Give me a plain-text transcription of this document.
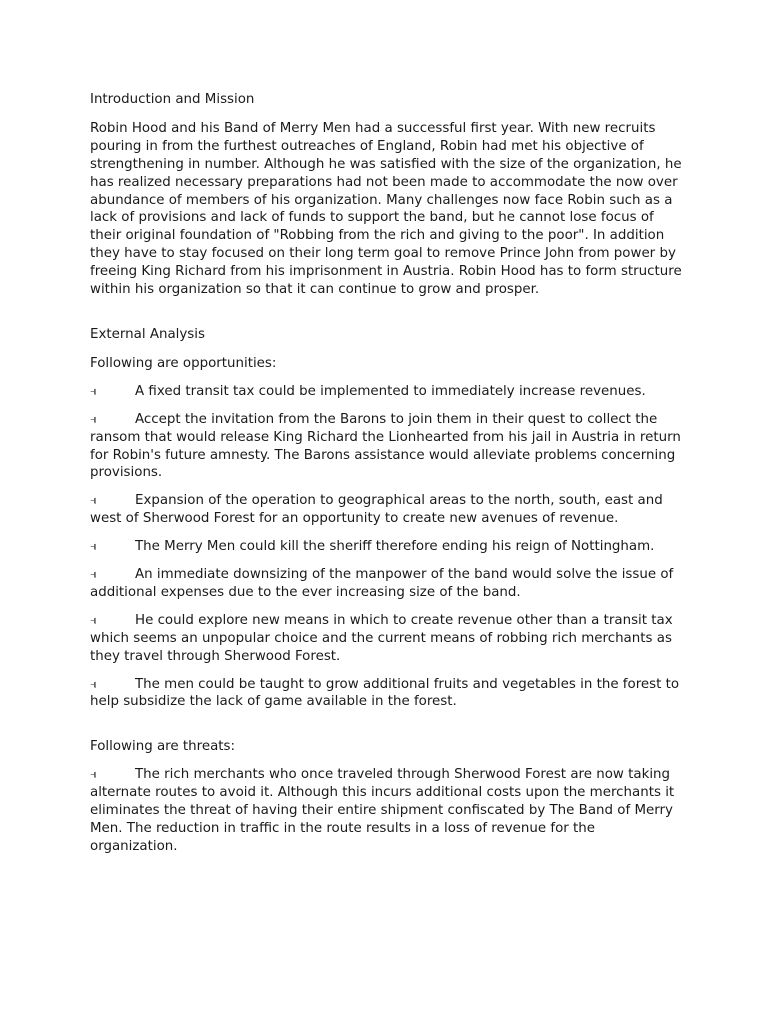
Introduction and Mission
Robin Hood and his Band of Merry Men had a successful first year. With new recruits pouring in from the furthest outreaches of England, Robin had met his objective of strengthening in number. Although he was satisfied with the size of the organization, he has realized necessary preparations had not been made to accommodate the now over abundance of members of his organization. Many challenges now face Robin such as a lack of provisions and lack of funds to support the band, but he cannot lose focus of their original foundation of "Robbing from the rich and giving to the poor". In addition they have to stay focused on their long term goal to remove Prince John from power by freeing King Richard from his imprisonment in Austria. Robin Hood has to form structure within his organization so that it can continue to grow and prosper.
External Analysis
Following are opportunities:
⫣	A fixed transit tax could be implemented to immediately increase revenues.
⫣	Accept the invitation from the Barons to join them in their quest to collect the ransom that would release King Richard the Lionhearted from his jail in Austria in return for Robin's future amnesty. The Barons assistance would alleviate problems concerning provisions.
⫣	Expansion of the operation to geographical areas to the north, south, east and west of Sherwood Forest for an opportunity to create new avenues of revenue.
⫣	The Merry Men could kill the sheriff therefore ending his reign of Nottingham.
⫣	An immediate downsizing of the manpower of the band would solve the issue of additional expenses due to the ever increasing size of the band.
⫣	He could explore new means in which to create revenue other than a transit tax which seems an unpopular choice and the current means of robbing rich merchants as they travel through Sherwood Forest.
⫣	The men could be taught to grow additional fruits and vegetables in the forest to help subsidize the lack of game available in the forest.
Following are threats:
⫣	The rich merchants who once traveled through Sherwood Forest are now taking alternate routes to avoid it. Although this incurs additional costs upon the merchants it eliminates the threat of having their entire shipment confiscated by The Band of Merry Men. The reduction in traffic in the route results in a loss of revenue for the organization.
